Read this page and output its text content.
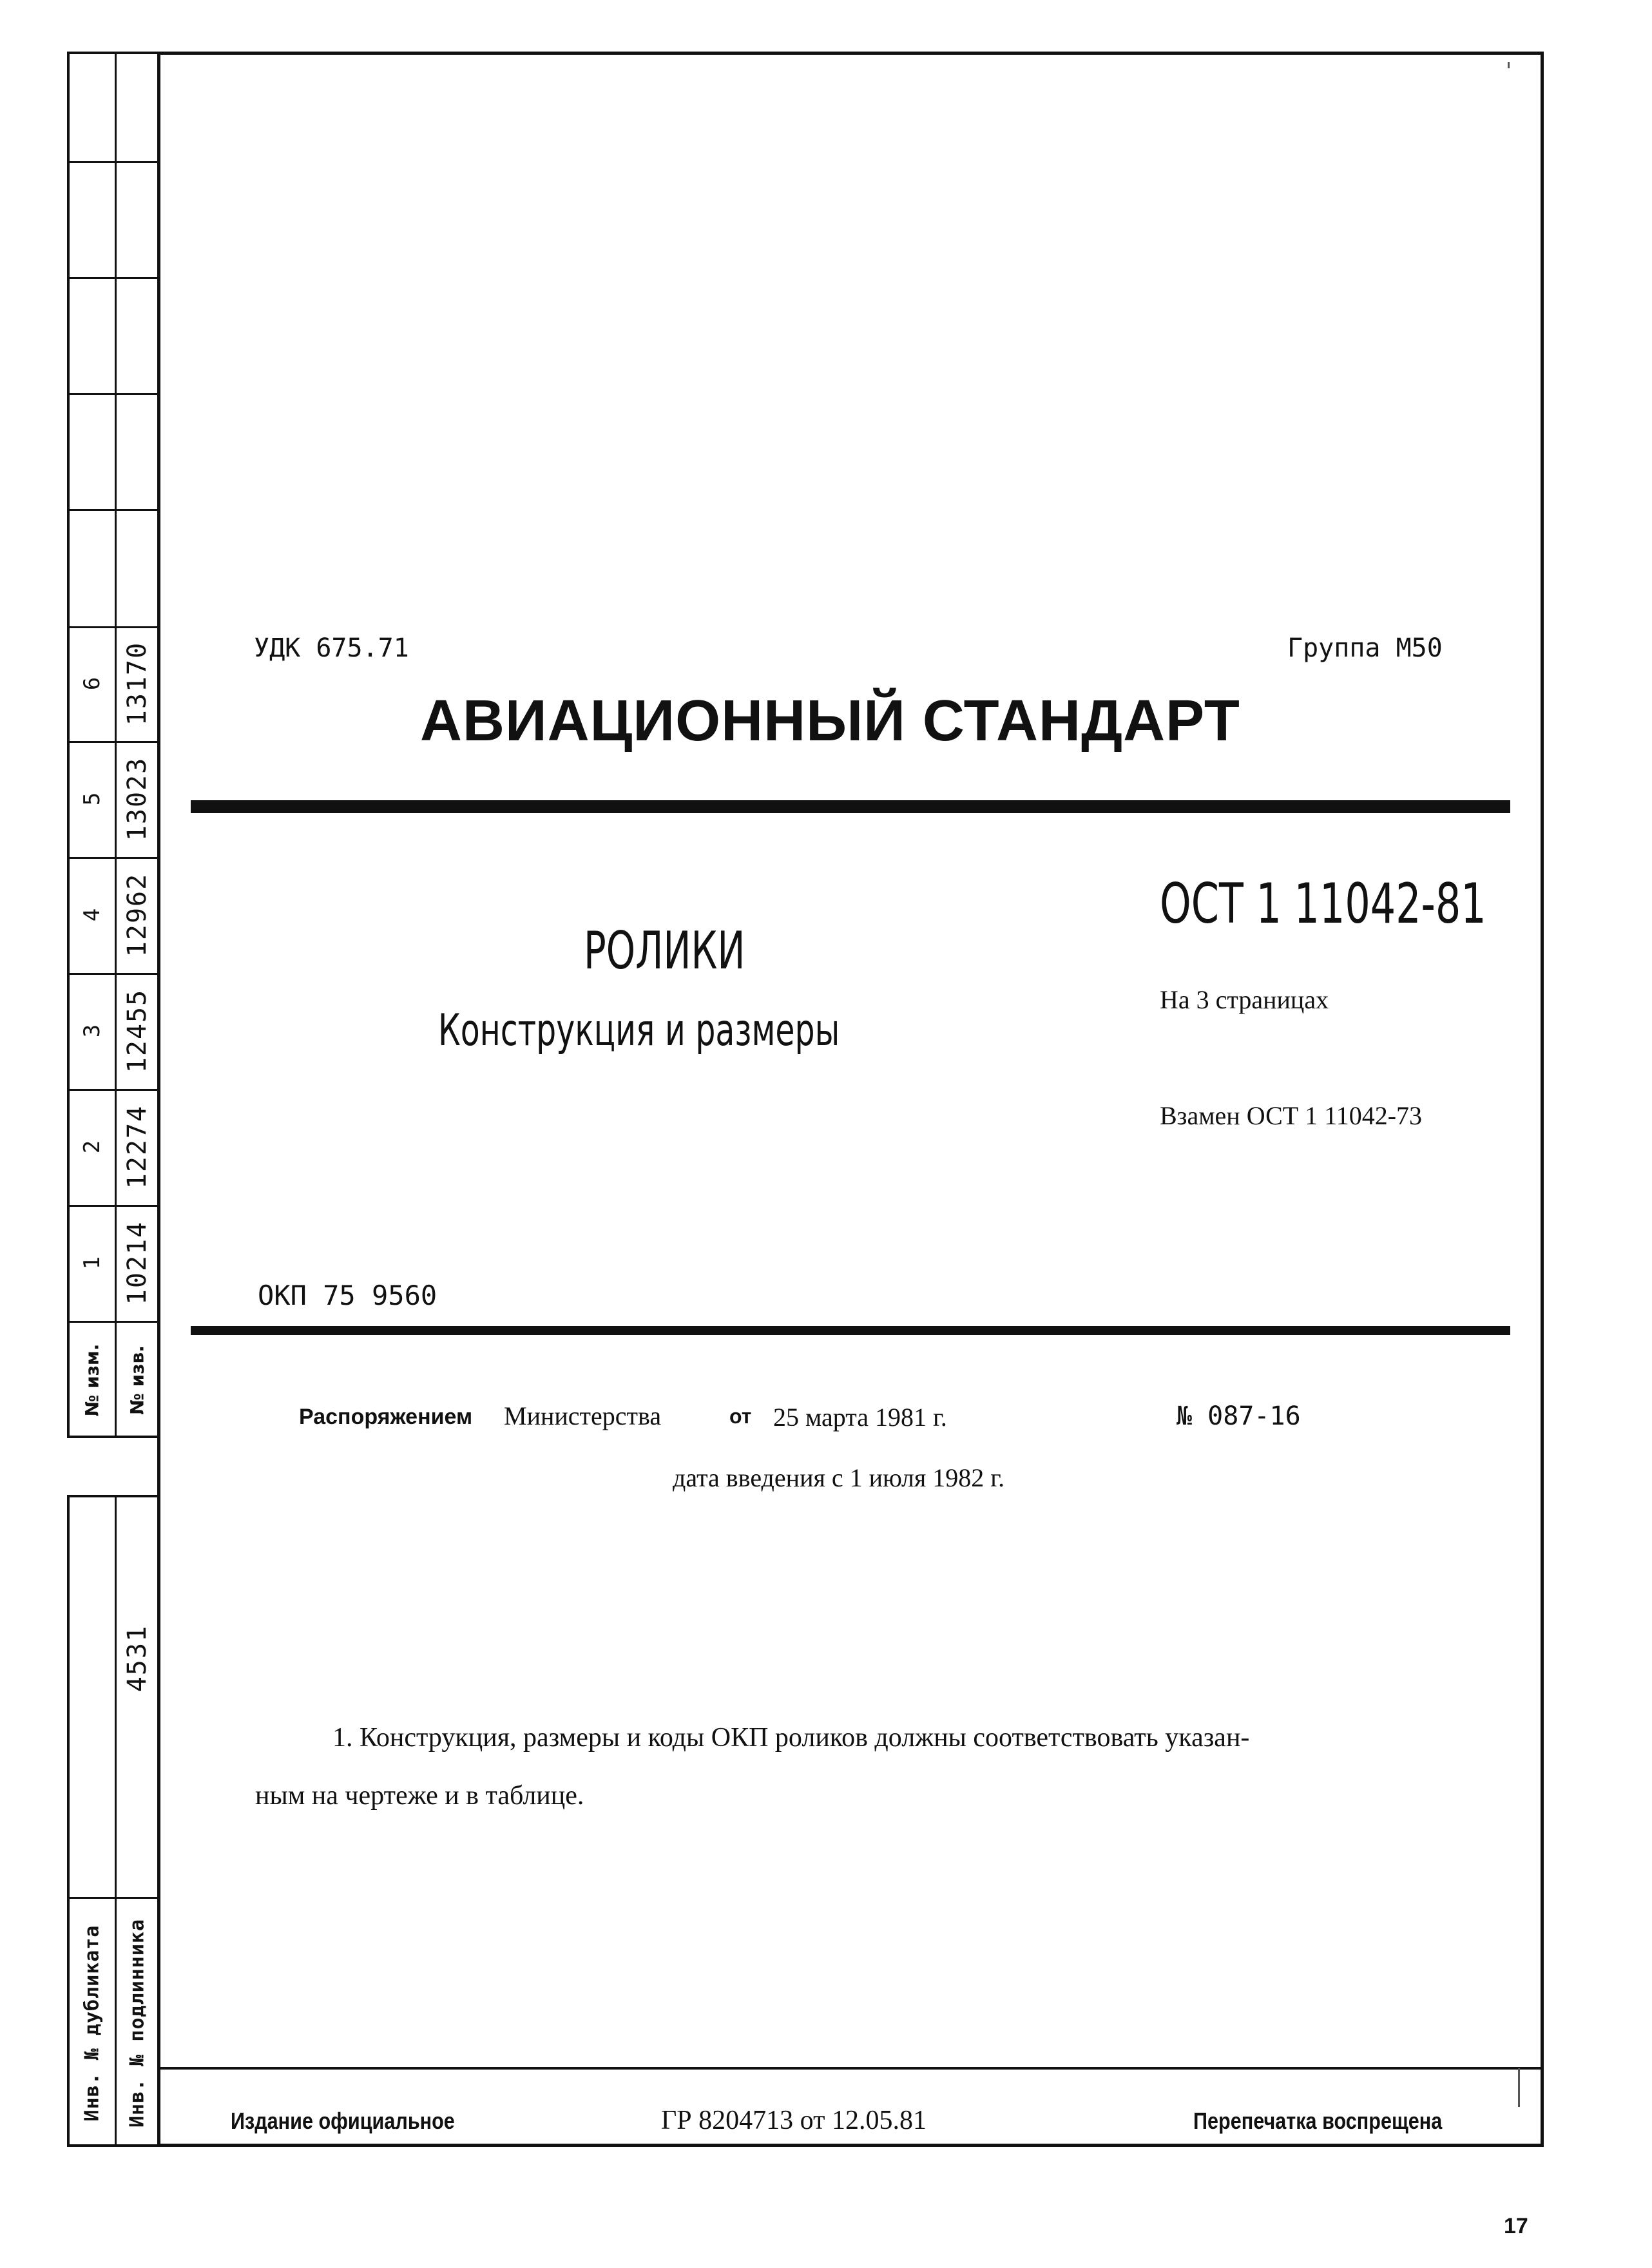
6 13170
5 13023
4 12962
3 12455
2 12274
1 10214
№ изм. № изв.
4531
Инв. № дубликата Инв. № подлинника
УДК 675.71	Группа М50
АВИАЦИОННЫЙ СТАНДАРТ
ОСТ 1 11042-81
На 3 страницах
Взамен ОСТ 1 11042-73
РОЛИКИ
Конструкция и размеры
ОКП 75 9560
Распоряжением Министерства	от 25 марта 1981 г.	№ 087-16
дата введения с 1 июля 1982 г.
1. Конструкция, размеры и коды ОКП роликов должны соответствовать указан-
ным на чертеже и в таблице.
Издание официальное	ГР 8204713 от 12.05.81	Перепечатка воспрещена
17
